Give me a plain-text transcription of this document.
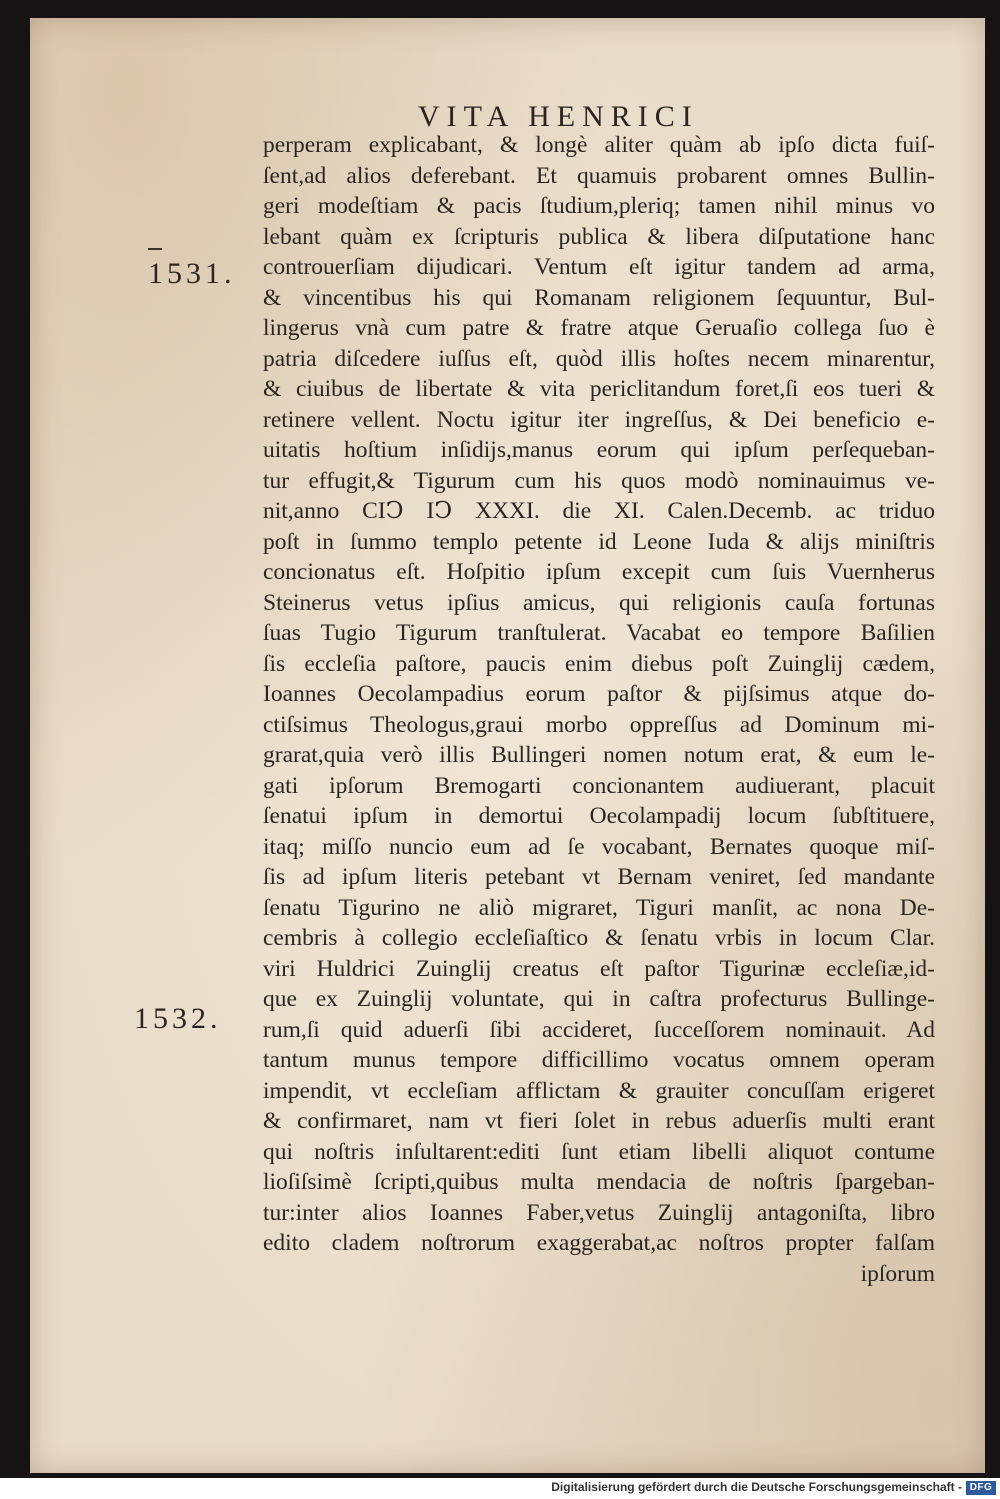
VITA HENRICI
1531.
1532.
perperam explicabant, & longè aliter quàm ab ipſo dicta fuiſ-
ſent,ad alios deferebant. Et quamuis probarent omnes Bullin-
geri modeſtiam & pacis ſtudium,pleriq; tamen nihil minus vo
lebant quàm ex ſcripturis publica & libera diſputatione hanc
controuerſiam dijudicari. Ventum eſt igitur tandem ad arma,
& vincentibus his qui Romanam religionem ſequuntur, Bul-
lingerus vnà cum patre & fratre atque Geruaſio collega ſuo è
patria diſcedere iuſſus eſt, quòd illis hoſtes necem minarentur,
& ciuibus de libertate & vita periclitandum foret,ſi eos tueri &
retinere vellent. Noctu igitur iter ingreſſus, & Dei beneficio e-
uitatis hoſtium inſidijs,manus eorum qui ipſum perſequeban-
tur effugit,& Tigurum cum his quos modò nominauimus ve-
nit,anno CIↃ IↃ XXXI. die XI. Calen.Decemb. ac triduo
poſt in ſummo templo petente id Leone Iuda & alijs miniſtris
concionatus eſt. Hoſpitio ipſum excepit cum ſuis Vuernherus
Steinerus vetus ipſius amicus, qui religionis cauſa fortunas
ſuas Tugio Tigurum tranſtulerat. Vacabat eo tempore Baſilien
ſis eccleſia paſtore, paucis enim diebus poſt Zuinglij cædem,
Ioannes Oecolampadius eorum paſtor & pijſsimus atque do-
ctiſsimus Theologus,graui morbo oppreſſus ad Dominum mi-
grarat,quia verò illis Bullingeri nomen notum erat, & eum le-
gati ipſorum Bremogarti concionantem audiuerant, placuit
ſenatui ipſum in demortui Oecolampadij locum ſubſtituere,
itaq; miſſo nuncio eum ad ſe vocabant, Bernates quoque miſ-
ſis ad ipſum literis petebant vt Bernam veniret, ſed mandante
ſenatu Tigurino ne aliò migraret, Tiguri manſit, ac nona De-
cembris à collegio eccleſiaſtico & ſenatu vrbis in locum Clar.
viri Huldrici Zuinglij creatus eſt paſtor Tigurinæ eccleſiæ,id-
que ex Zuinglij voluntate, qui in caſtra profecturus Bullinge-
rum,ſi quid aduerſi ſibi accideret, ſucceſſorem nominauit. Ad
tantum munus tempore difficillimo vocatus omnem operam
impendit, vt eccleſiam afflictam & grauiter concuſſam erigeret
& confirmaret, nam vt fieri ſolet in rebus aduerſis multi erant
qui noſtris inſultarent:editi ſunt etiam libelli aliquot contume
lioſiſsimè ſcripti,quibus multa mendacia de noſtris ſpargeban-
tur:inter alios Ioannes Faber,vetus Zuinglij antagoniſta, libro
edito cladem noſtrorum exaggerabat,ac noſtros propter falſam
ipſorum
Digitalisierung gefördert durch die Deutsche Forschungsgemeinschaft - DFG
